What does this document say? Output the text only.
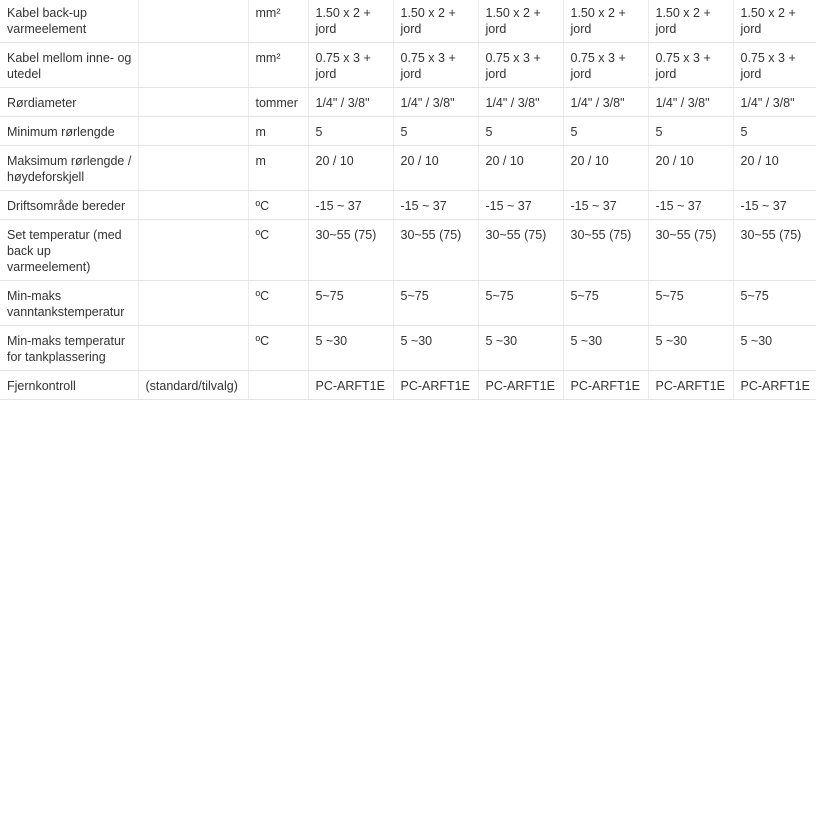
Kabel back-up varmeelement		mm²	1.50 x 2 + jord	1.50 x 2 + jord	1.50 x 2 + jord	1.50 x 2 + jord	1.50 x 2 + jord	1.50 x 2 + jord
Kabel mellom inne- og utedel		mm²	0.75 x 3 + jord	0.75 x 3 + jord	0.75 x 3 + jord	0.75 x 3 + jord	0.75 x 3 + jord	0.75 x 3 + jord
Rørdiameter		tommer	1/4" / 3/8"	1/4" / 3/8"	1/4" / 3/8"	1/4" / 3/8"	1/4" / 3/8"	1/4" / 3/8"
Minimum rørlengde		m	5	5	5	5	5	5
Maksimum rørlengde / høydeforskjell		m	20 / 10	20 / 10	20 / 10	20 / 10	20 / 10	20 / 10
Driftsområde bereder		ºC	-15 ~ 37	-15 ~ 37	-15 ~ 37	-15 ~ 37	-15 ~ 37	-15 ~ 37
Set temperatur (med back up varmeelement)		ºC	30~55 (75)	30~55 (75)	30~55 (75)	30~55 (75)	30~55 (75)	30~55 (75)
Min-maks vanntankstemperatur		ºC	5~75	5~75	5~75	5~75	5~75	5~75
Min-maks temperatur for tankplassering		ºC	5 ~30	5 ~30	5 ~30	5 ~30	5 ~30	5 ~30
Fjernkontroll	(standard/tilvalg)		PC-ARFT1E	PC-ARFT1E	PC-ARFT1E	PC-ARFT1E	PC-ARFT1E	PC-ARFT1E
